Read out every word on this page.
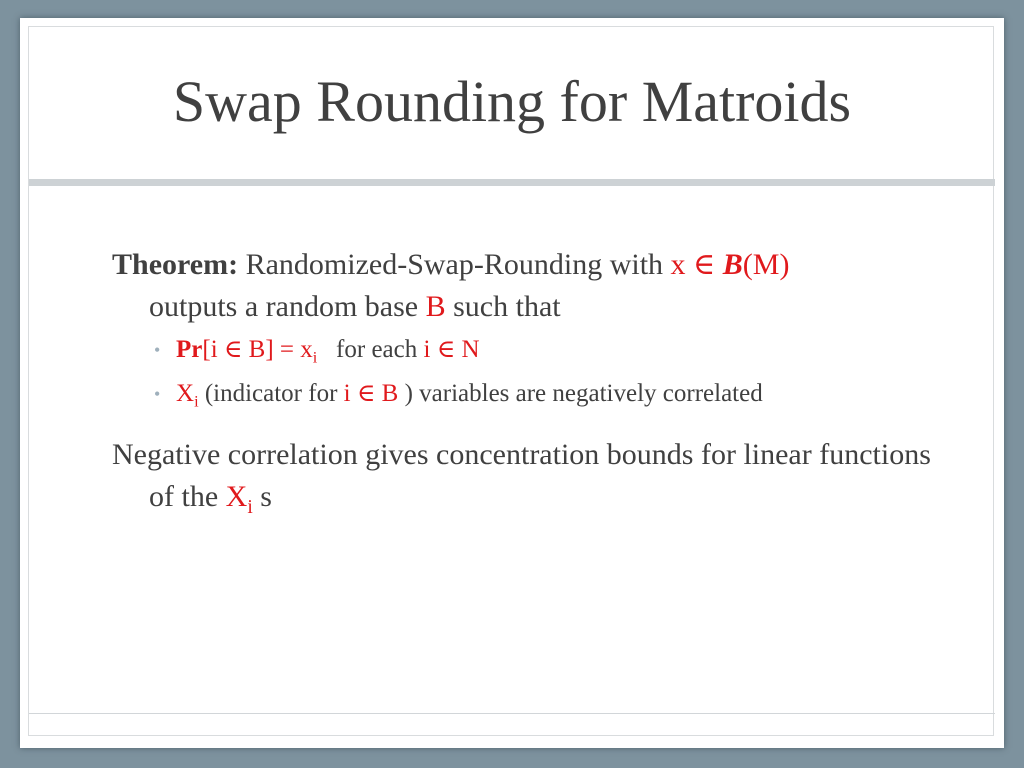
Swap Rounding for Matroids

Theorem: Randomized-Swap-Rounding with x ∈ B(M)
outputs a random base B such that

• Pr[i ∈ $B] = x_i$   for each i ∈ N
• $X_i$ (indicator for i ∈ B ) variables are negatively correlated

Negative correlation gives concentration bounds for linear functions of the $X_i$ s
